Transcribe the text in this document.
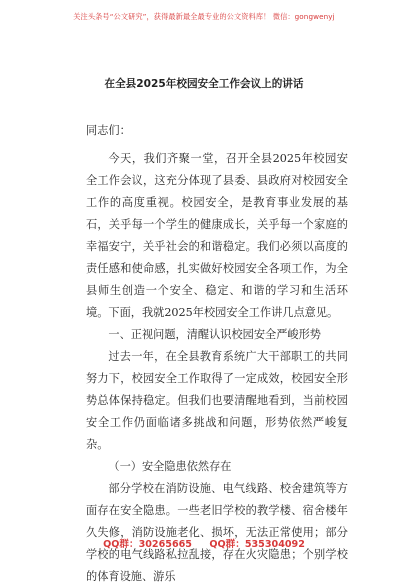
关注头条号“公文研究”，获得最新最全最专业的公文资料库！ 微信：gongwenyj
在全县2025年校园安全工作会议上的讲话

同志们：

今天，我们齐聚一堂，召开全县2025年校园安全工作会议，这充分体现了县委、县政府对校园安全工作的高度重视。校园安全，是教育事业发展的基石，关乎每一个学生的健康成长，关乎每一个家庭的幸福安宁，关乎社会的和谐稳定。我们必须以高度的责任感和使命感，扎实做好校园安全各项工作，为全县师生创造一个安全、稳定、和谐的学习和生活环境。下面，我就2025年校园安全工作讲几点意见。

一、正视问题，清醒认识校园安全严峻形势

过去一年，在全县教育系统广大干部职工的共同努力下，校园安全工作取得了一定成效，校园安全形势总体保持稳定。但我们也要清醒地看到，当前校园安全工作仍面临诸多挑战和问题，形势依然严峻复杂。

（一）安全隐患依然存在

部分学校在消防设施、电气线路、校舍建筑等方面存在安全隐患。一些老旧学校的教学楼、宿舍楼年久失修，消防设施老化、损坏，无法正常使用；部分学校的电气线路私拉乱接，存在火灾隐患；个别学校的体育设施、游乐

QQ群：30265665 QQ群：535304092
